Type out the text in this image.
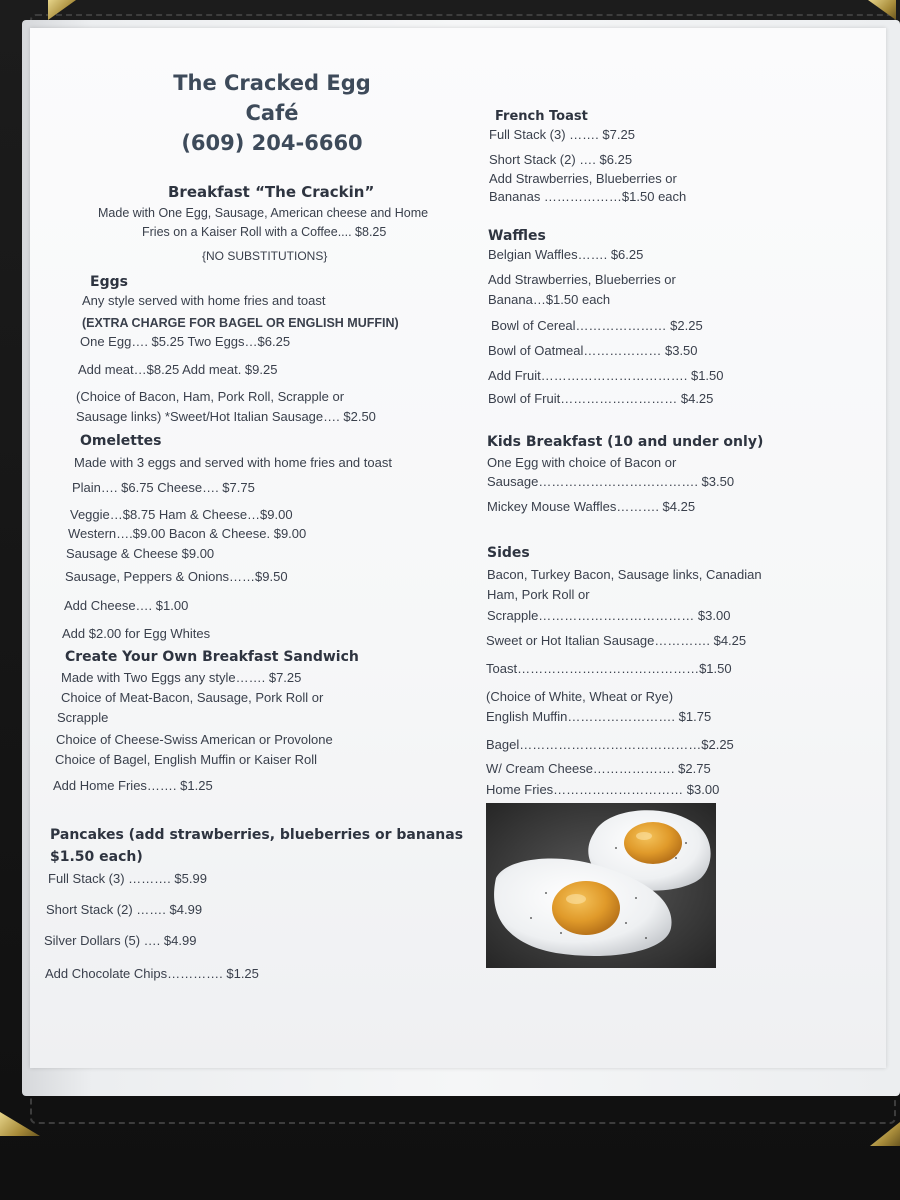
The Cracked Egg
Café
(609) 204-6660
Breakfast “The Crackin”
Made with One Egg, Sausage, American cheese and Home
Fries on a Kaiser Roll with a Coffee.... $8.25
{NO SUBSTITUTIONS}
Eggs
Any style served with home fries and toast
(EXTRA CHARGE FOR BAGEL OR ENGLISH MUFFIN)
One Egg…. $5.25 Two Eggs…$6.25
Add meat…$8.25 Add meat. $9.25
(Choice of Bacon, Ham, Pork Roll, Scrapple or
Sausage links) *Sweet/Hot Italian Sausage…. $2.50
Omelettes
Made with 3 eggs and served with home fries and toast
Plain…. $6.75 Cheese…. $7.75
Veggie…$8.75 Ham & Cheese…$9.00
Western….$9.00 Bacon & Cheese. $9.00
Sausage & Cheese $9.00
Sausage, Peppers & Onions……$9.50
Add Cheese…. $1.00
Add $2.00 for Egg Whites
Create Your Own Breakfast Sandwich
Made with Two Eggs any style……. $7.25
Choice of Meat-Bacon, Sausage, Pork Roll or
Scrapple
Choice of Cheese-Swiss American or Provolone
Choice of Bagel, English Muffin or Kaiser Roll
Add Home Fries……. $1.25
Pancakes (add strawberries, blueberries or bananas
$1.50 each)
Full Stack (3) ………. $5.99
Short Stack (2) ……. $4.99
Silver Dollars (5) …. $4.99
Add Chocolate Chips…………. $1.25
French Toast
Full Stack (3) ……. $7.25
Short Stack (2) …. $6.25
Add Strawberries, Blueberries or
Bananas ………………$1.50 each
Waffles
Belgian Waffles……. $6.25
Add Strawberries, Blueberries or
Banana…$1.50 each
Bowl of Cereal………………… $2.25
Bowl of Oatmeal……………… $3.50
Add Fruit……………………………. $1.50
Bowl of Fruit……………………… $4.25
Kids Breakfast (10 and under only)
One Egg with choice of Bacon or
Sausage………………………………. $3.50
Mickey Mouse Waffles………. $4.25
Sides
Bacon, Turkey Bacon, Sausage links, Canadian
Ham, Pork Roll or
Scrapple……………………………… $3.00
Sweet or Hot Italian Sausage…………. $4.25
Toast……………………………………$1.50
(Choice of White, Wheat or Rye)
English Muffin……………………. $1.75
Bagel……………………………………$2.25
W/ Cream Cheese………………. $2.75
Home Fries………………………… $3.00
